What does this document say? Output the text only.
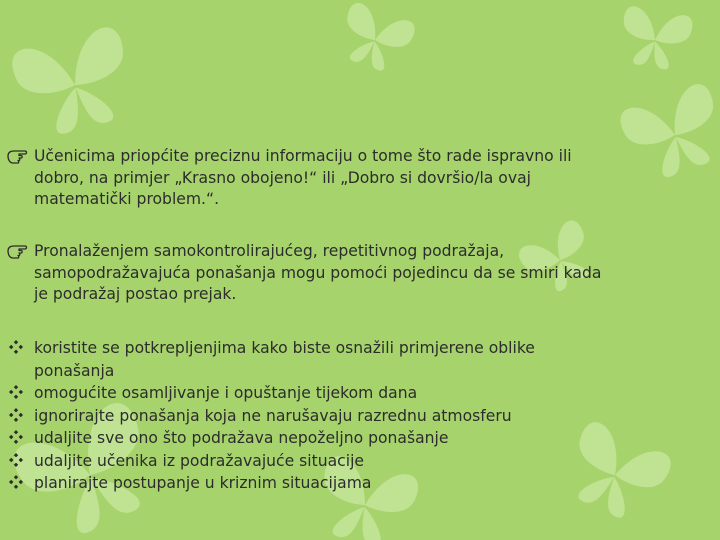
Učenicima priopćite preciznu informaciju o tome što rade ispravno ili
dobro, na primjer „Krasno obojeno!“ ili „Dobro si dovršio/la ovaj
matematički problem.“.
Pronalaženjem samokontrolirajućeg, repetitivnog podražaja,
samopodražavajuća ponašanja mogu pomoći pojedincu da se smiri kada
je podražaj postao prejak.
koristite se potkrepljenjima kako biste osnažili primjerene oblike
ponašanja
omogućite osamljivanje i opuštanje tijekom dana
ignorirajte ponašanja koja ne narušavaju razrednu atmosferu
udaljite sve ono što podražava nepoželjno ponašanje
udaljite učenika iz podražavajuće situacije
planirajte postupanje u kriznim situacijama
